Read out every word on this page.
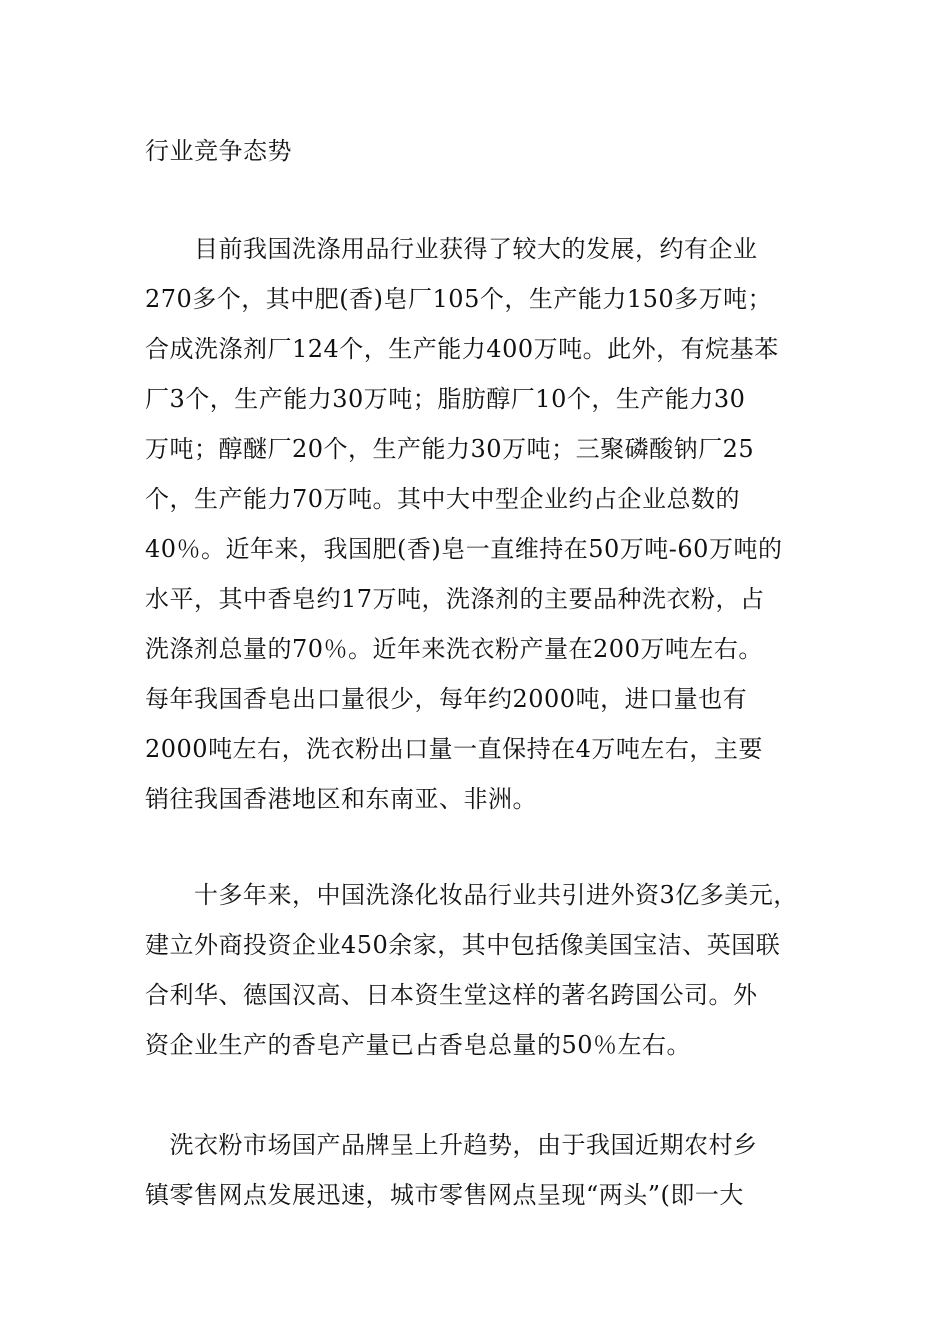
行业竞争态势
　　目前我国洗涤用品行业获得了较大的发展，约有企业
270多个，其中肥(香)皂厂105个，生产能力150多万吨；
合成洗涤剂厂124个，生产能力400万吨。此外，有烷基苯
厂3个，生产能力30万吨；脂肪醇厂10个，生产能力30
万吨；醇醚厂20个，生产能力30万吨；三聚磷酸钠厂25
个，生产能力70万吨。其中大中型企业约占企业总数的
40％。近年来，我国肥(香)皂一直维持在50万吨-60万吨的
水平，其中香皂约17万吨，洗涤剂的主要品种洗衣粉，占
洗涤剂总量的70％。近年来洗衣粉产量在200万吨左右。
每年我国香皂出口量很少，每年约2000吨，进口量也有
2000吨左右，洗衣粉出口量一直保持在4万吨左右，主要
销往我国香港地区和东南亚、非洲。
　　十多年来，中国洗涤化妆品行业共引进外资3亿多美元，
建立外商投资企业450余家，其中包括像美国宝洁、英国联
合利华、德国汉高、日本资生堂这样的著名跨国公司。外
资企业生产的香皂产量已占香皂总量的50％左右。
　洗衣粉市场国产品牌呈上升趋势，由于我国近期农村乡
镇零售网点发展迅速，城市零售网点呈现“两头”(即一大
